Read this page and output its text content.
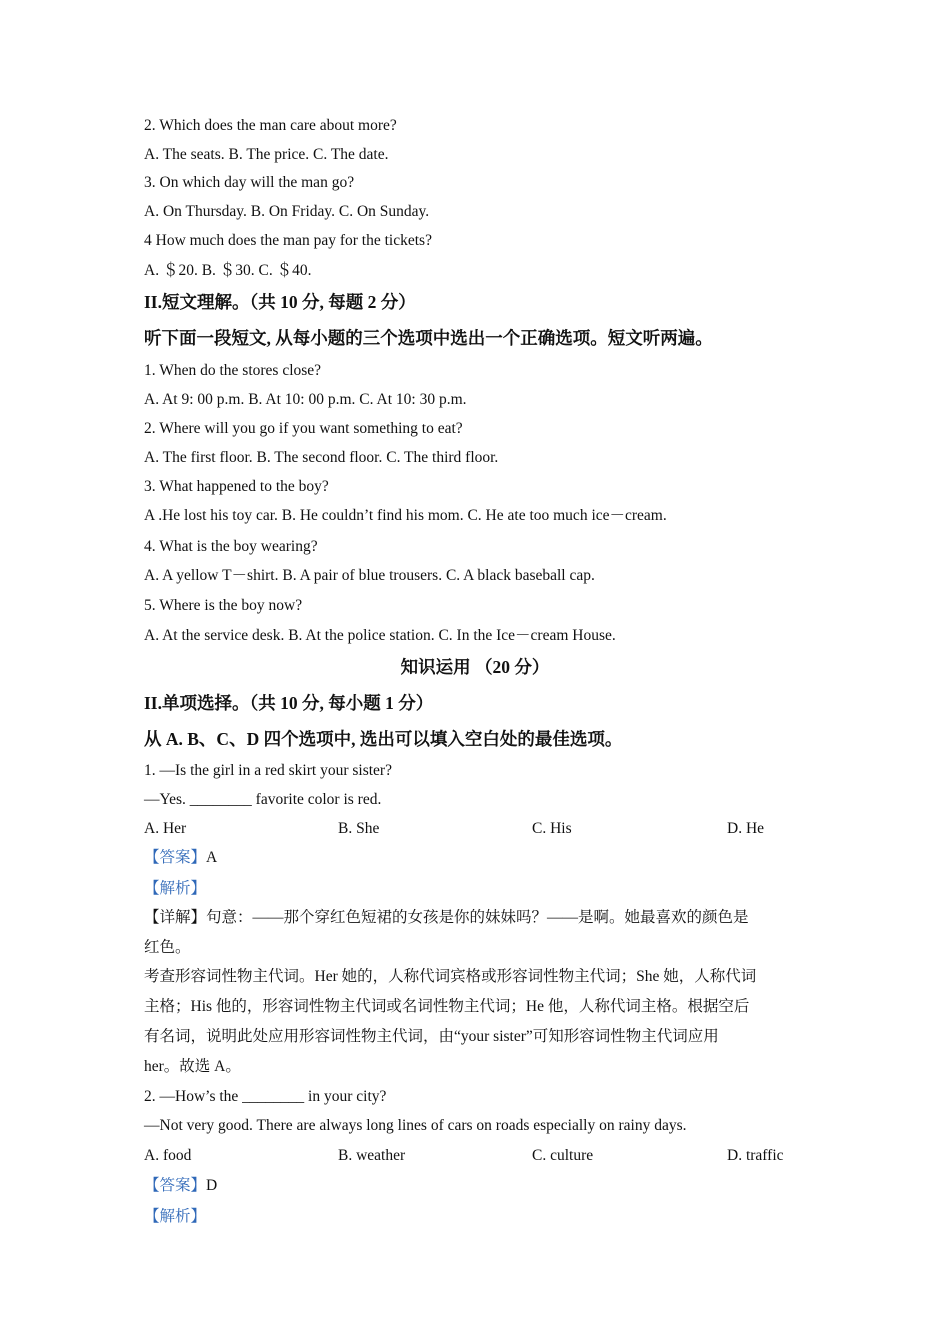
2. Which does the man care about more?
A. The seats. B. The price. C. The date.
3. On which day will the man go?
A. On Thursday. B. On Friday. C. On Sunday.
4 How much does the man pay for the tickets?
A. ＄20. B. ＄30. C. ＄40.
II.短文理解。（共 10 分, 每题 2 分）
听下面一段短文, 从每小题的三个选项中选出一个正确选项。短文听两遍。
1. When do the stores close?
A. At 9: 00 p.m. B. At 10: 00 p.m. C. At 10: 30 p.m.
2. Where will you go if you want something to eat?
A. The first floor. B. The second floor. C. The third floor.
3. What happened to the boy?
A .He lost his toy car. B. He couldn’t find his mom. C. He ate too much ice－cream.
4. What is the boy wearing?
A. A yellow T－shirt. B. A pair of blue trousers. C. A black baseball cap.
5. Where is the boy now?
A. At the service desk. B. At the police station. C. In the Ice－cream House.
知识运用 （20 分）
II.单项选择。（共 10 分, 每小题 1 分）
从 A. B、C、D 四个选项中, 选出可以填入空白处的最佳选项。
1. —Is the girl in a red skirt your sister?
—Yes. ________ favorite color is red.
A. Her	B. She	C. His	D. He
【答案】A
【解析】
【详解】句意：——那个穿红色短裙的女孩是你的妹妹吗？——是啊。她最喜欢的颜色是
红色。
考查形容词性物主代词。Her 她的，人称代词宾格或形容词性物主代词；She 她，人称代词
主格；His 他的，形容词性物主代词或名词性物主代词；He 他，人称代词主格。根据空后
有名词，说明此处应用形容词性物主代词，由“your sister”可知形容词性物主代词应用
her。故选 A。
2. —How’s the ________ in your city?
—Not very good. There are always long lines of cars on roads especially on rainy days.
A. food	B. weather	C. culture	D. traffic
【答案】D
【解析】
